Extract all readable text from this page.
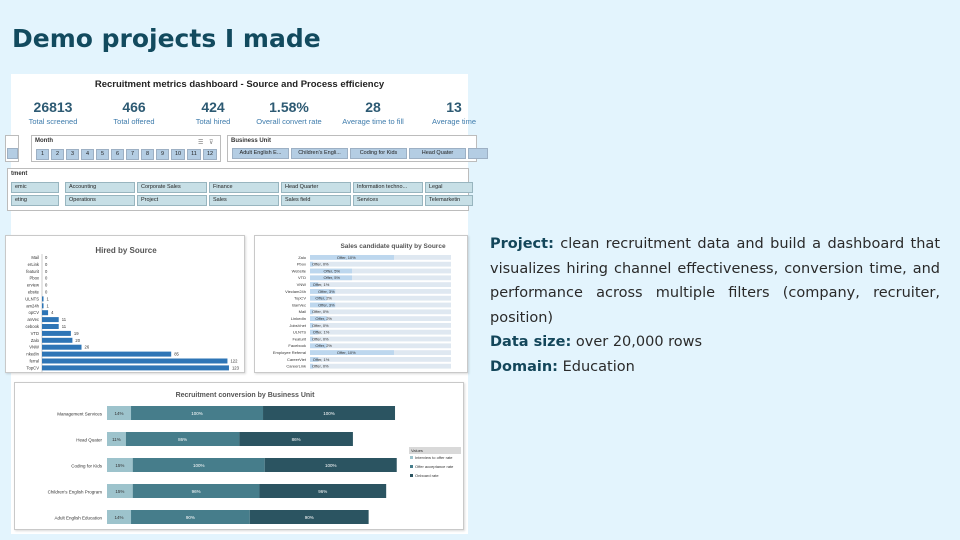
Demo projects I made
Recruitment metrics dashboard - Source and Process efficiency
26813
Total screened
466
Total offered
424
Total hired
1.58%
Overall convert rate
28
Average time to fill
13
Average time
Month	☰ ⊽
1	2	3	4	5	6	7	8	9	10	11	12
Business Unit
Adult English E...	Children's Engli...	Coding for Kids	Head Quater
tment
emic	Accounting	Corporate Sales	Finance	Head Quarter	Information techno...	Legal
eting	Operations	Project	Sales	Sales field	Services	Telemarketin
Hired by Source
Mail 0
erLink 0
featurit 0
Pbox 0
erview 0
ebsite 0
ULNTS 1
am24h 1
opCV	4
anVec	11
cebook	11
VTD	19
Zalo	20
VNW	26
nkedIn	85
ferral	122
TopCV	123
Sales candidate quality by Source
Zalo	Offer, 10%
Pbox Offer, 0%
Website	Offer, 5%
VTD	Offer, 5%
VNW Offer, 1%
Vieclam24h	Offer, 3%
TopCV Offer, 2%
BanVec	Offer, 3%
Mail Offer, 0%
LinkedIn Offer, 2%
JobsVnet Offer, 0%
ULNTS Offer, 1%
Featurit Offer, 0%
Facebook Offer, 2%
Employee Referral	Offer, 10%
CareerViet Offer, 1%
CareerLink Offer, 0%
Recruitment conversion by Business Unit
Management Services	14%	100%	100%
Head Quater 11%	86%	86%
Coding for Kids	15%	100%	100%
Children's English Program	15%	96%	96%
Adult English Education	14%	90%	90%
Values
Interview to offer rate
Offer acceptance rate
Onboard rate

Project: clean recruitment data and build a dashboard that visualizes hiring channel effectiveness, conversion time, and performance across multiple filters (company, recruiter, position)

Data size: over 20,000 rows

Domain: Education
